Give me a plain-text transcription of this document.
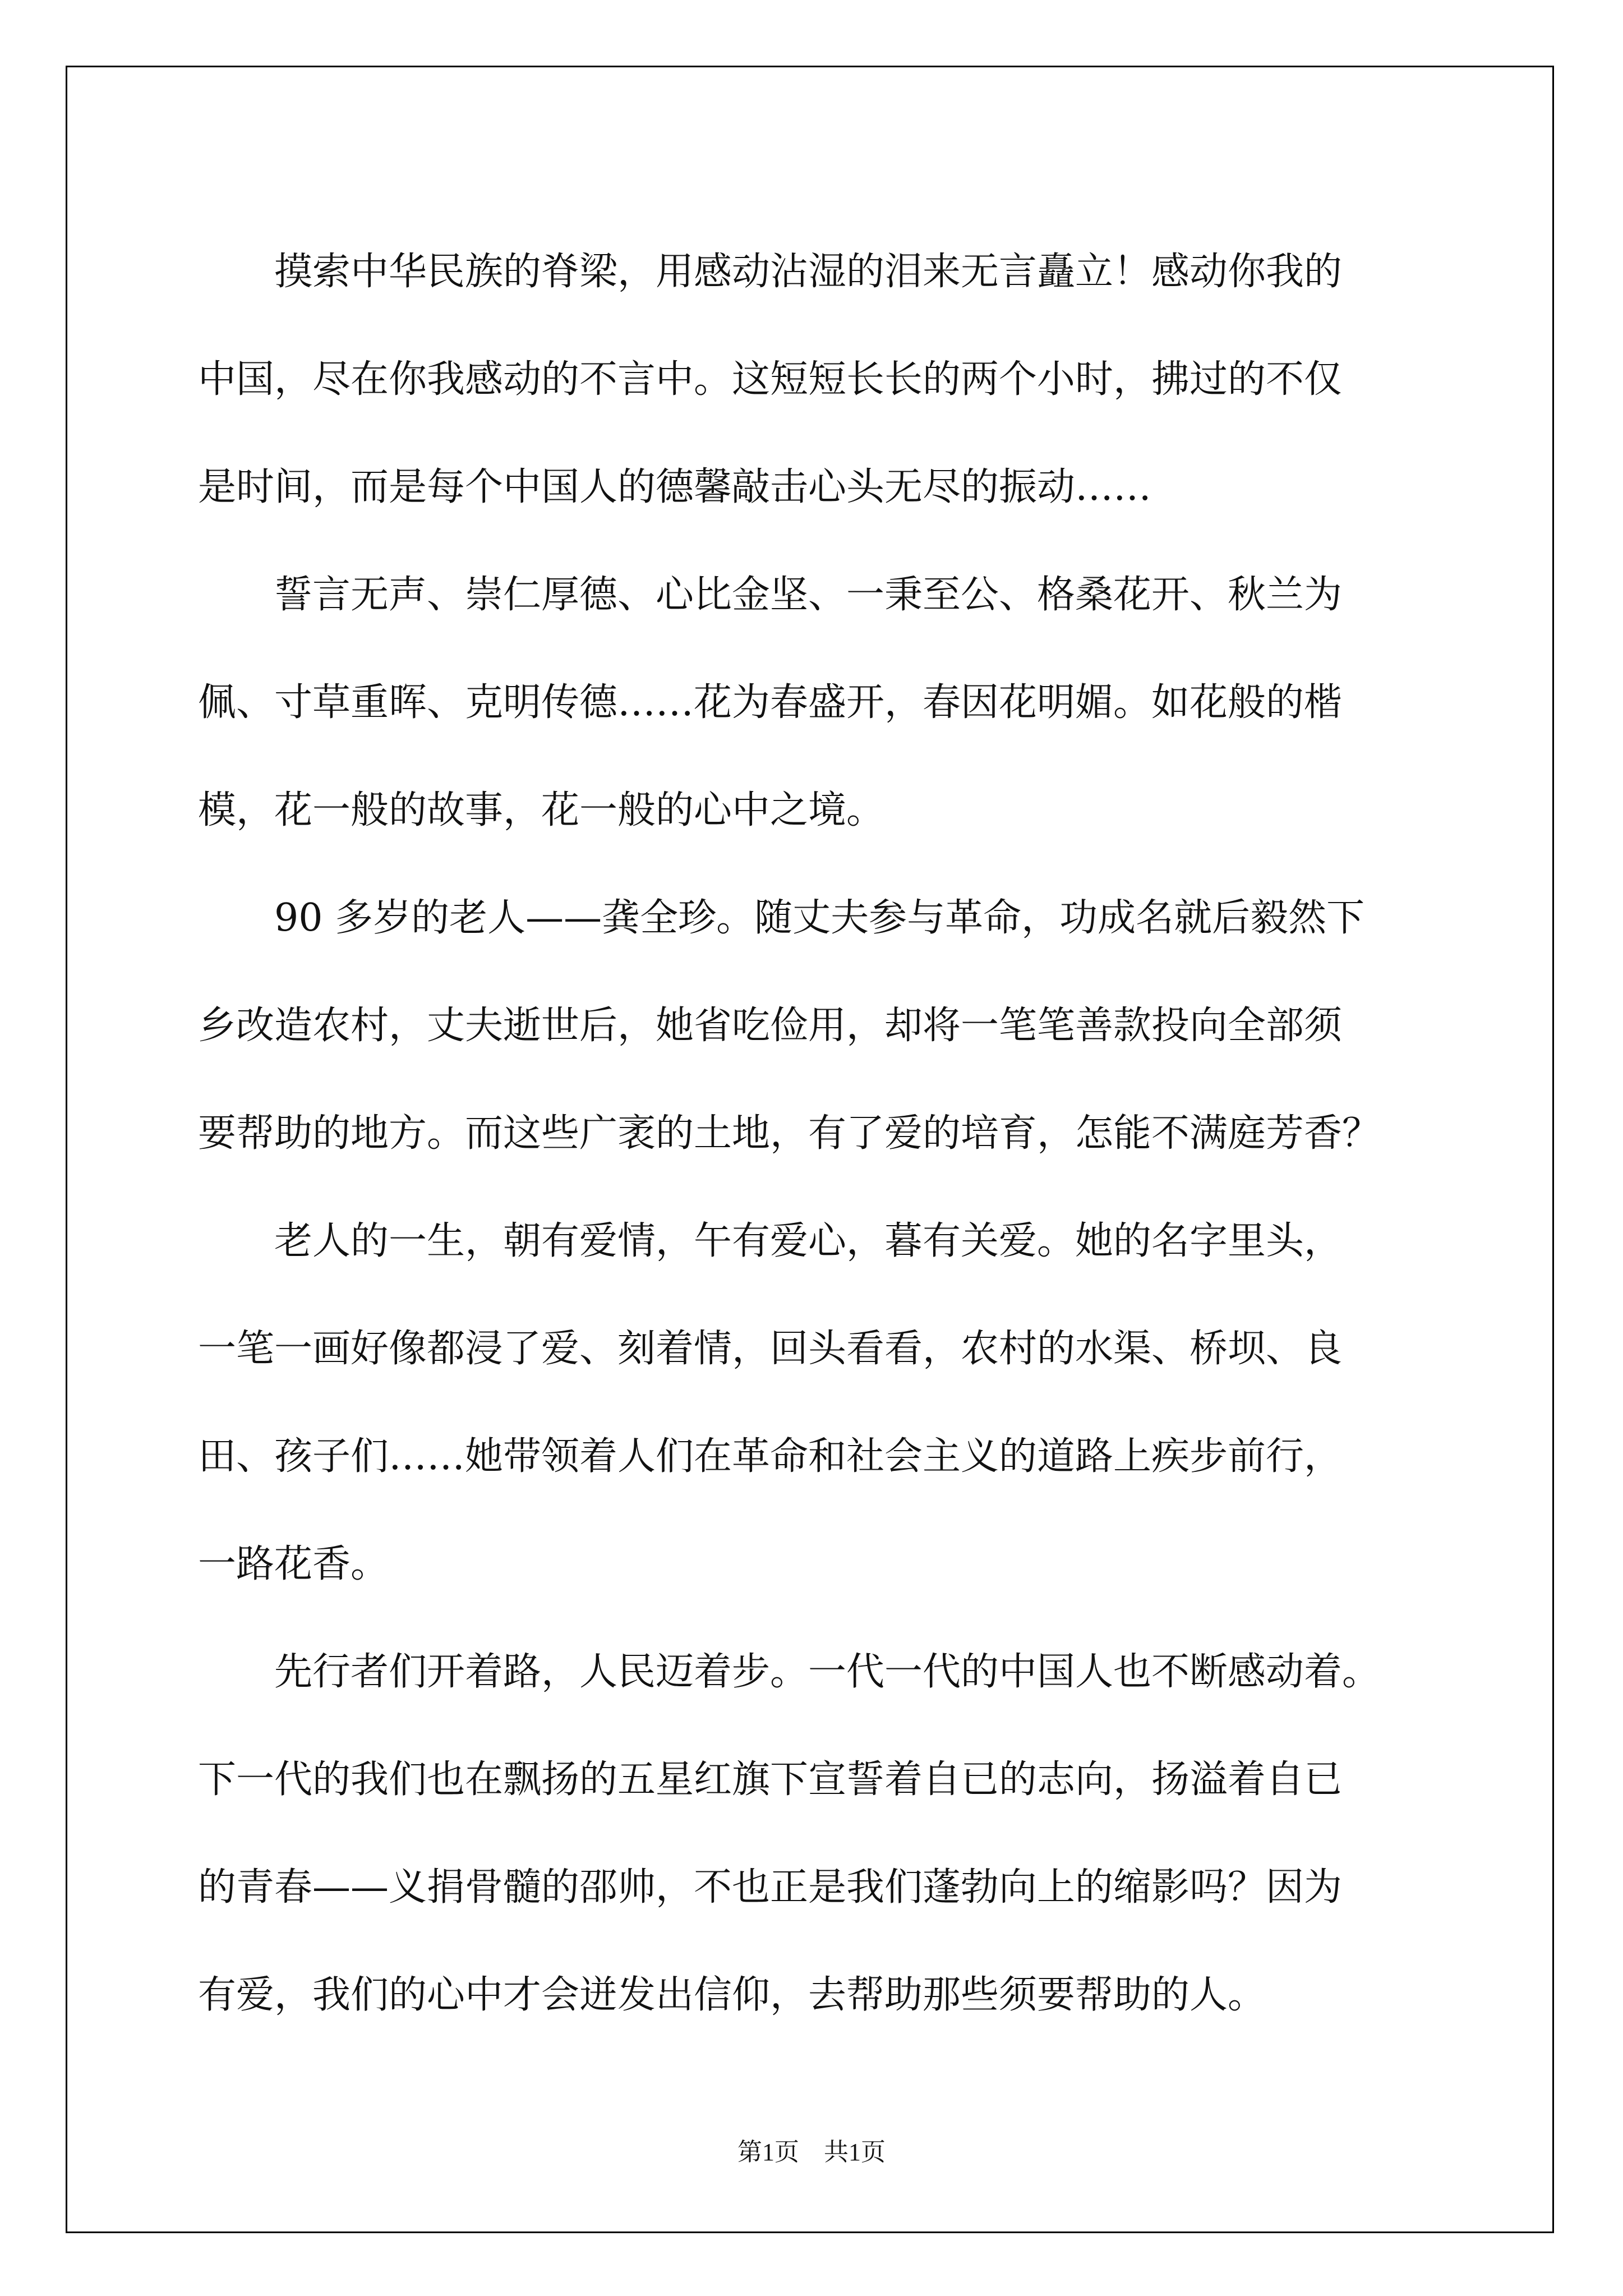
　　摸索中华民族的脊梁，用感动沾湿的泪来无言矗立！感动你我的

中国，尽在你我感动的不言中。这短短长长的两个小时，拂过的不仅

是时间，而是每个中国人的德馨敲击心头无尽的振动……

　　誓言无声、崇仁厚德、心比金坚、一秉至公、格桑花开、秋兰为

佩、寸草重晖、克明传德……花为春盛开，春因花明媚。如花般的楷

模，花一般的故事，花一般的心中之境。

　　90 多岁的老人——龚全珍。随丈夫参与革命，功成名就后毅然下

乡改造农村，丈夫逝世后，她省吃俭用，却将一笔笔善款投向全部须

要帮助的地方。而这些广袤的土地，有了爱的培育，怎能不满庭芳香？

　　老人的一生，朝有爱情，午有爱心，暮有关爱。她的名字里头，

一笔一画好像都浸了爱、刻着情，回头看看，农村的水渠、桥坝、良

田、孩子们……她带领着人们在革命和社会主义的道路上疾步前行，

一路花香。

　　先行者们开着路，人民迈着步。一代一代的中国人也不断感动着。

下一代的我们也在飘扬的五星红旗下宣誓着自已的志向，扬溢着自已

的青春——义捐骨髓的邵帅，不也正是我们蓬勃向上的缩影吗？因为

有爱，我们的心中才会迸发出信仰，去帮助那些须要帮助的人。

第1页 共1页
